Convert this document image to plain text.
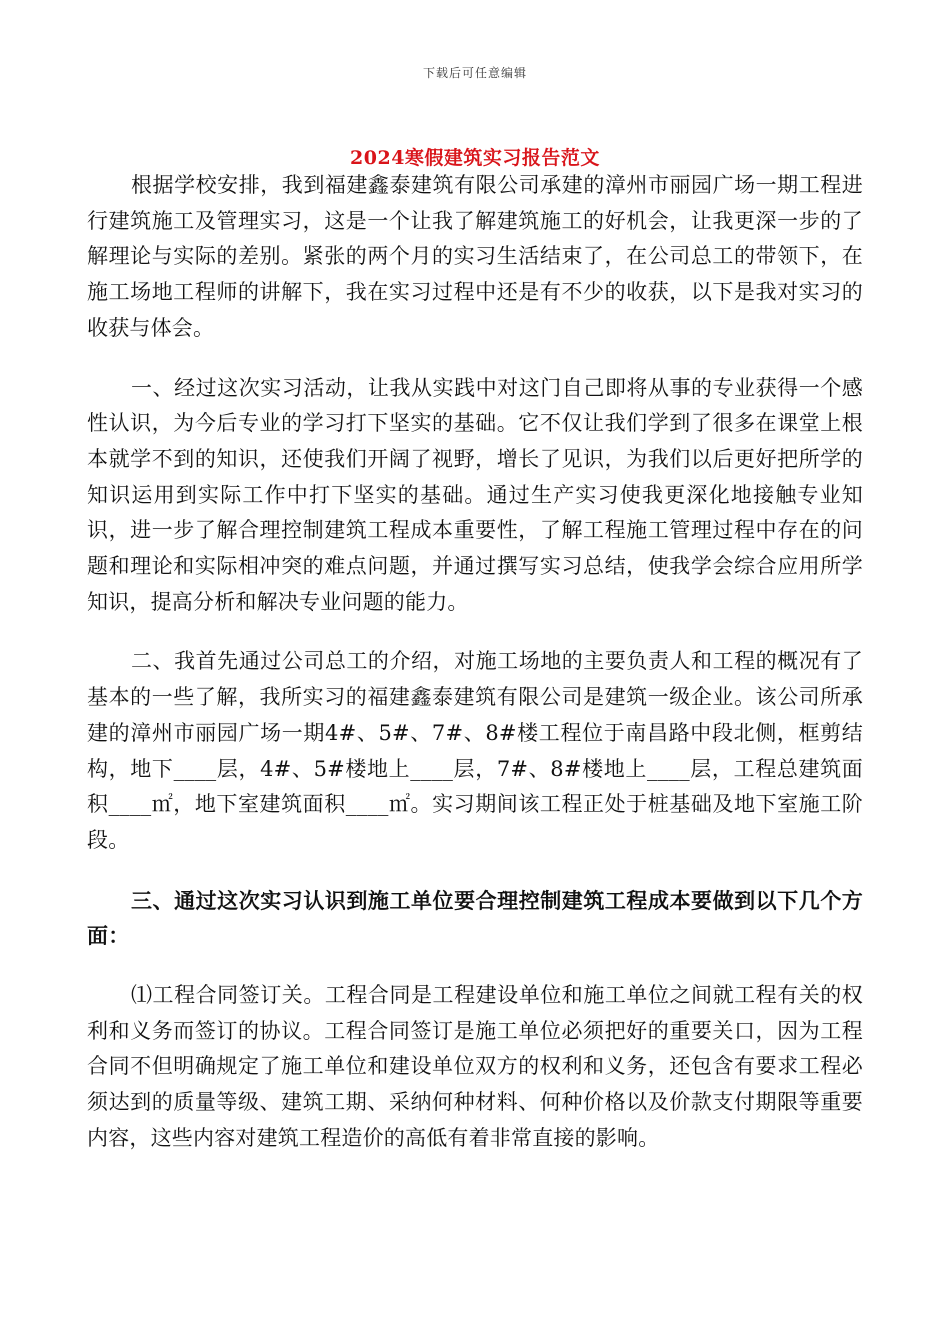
下载后可任意编辑
2024寒假建筑实习报告范文

根据学校安排，我到福建鑫泰建筑有限公司承建的漳州市丽园广场一期工程进行建筑施工及管理实习，这是一个让我了解建筑施工的好机会，让我更深一步的了解理论与实际的差别。紧张的两个月的实习生活结束了，在公司总工的带领下，在施工场地工程师的讲解下，我在实习过程中还是有不少的收获，以下是我对实习的收获与体会。

一、经过这次实习活动，让我从实践中对这门自己即将从事的专业获得一个感性认识，为今后专业的学习打下坚实的基础。它不仅让我们学到了很多在课堂上根本就学不到的知识，还使我们开阔了视野，增长了见识，为我们以后更好把所学的知识运用到实际工作中打下坚实的基础。通过生产实习使我更深化地接触专业知识，进一步了解合理控制建筑工程成本重要性，了解工程施工管理过程中存在的问题和理论和实际相冲突的难点问题，并通过撰写实习总结，使我学会综合应用所学知识，提高分析和解决专业问题的能力。

二、我首先通过公司总工的介绍，对施工场地的主要负责人和工程的概况有了基本的一些了解，我所实习的福建鑫泰建筑有限公司是建筑一级企业。该公司所承建的漳州市丽园广场一期4#、5#、7#、8#楼工程位于南昌路中段北侧，框剪结构，地下____层，4#、5#楼地上____层，7#、8#楼地上____层，工程总建筑面积____㎡，地下室建筑面积____㎡。实习期间该工程正处于桩基础及地下室施工阶段。

三、通过这次实习认识到施工单位要合理控制建筑工程成本要做到以下几个方面：

⑴工程合同签订关。工程合同是工程建设单位和施工单位之间就工程有关的权利和义务而签订的协议。工程合同签订是施工单位必须把好的重要关口，因为工程合同不但明确规定了施工单位和建设单位双方的权利和义务，还包含有要求工程必须达到的质量等级、建筑工期、采纳何种材料、何种价格以及价款支付期限等重要内容，这些内容对建筑工程造价的高低有着非常直接的影响。
